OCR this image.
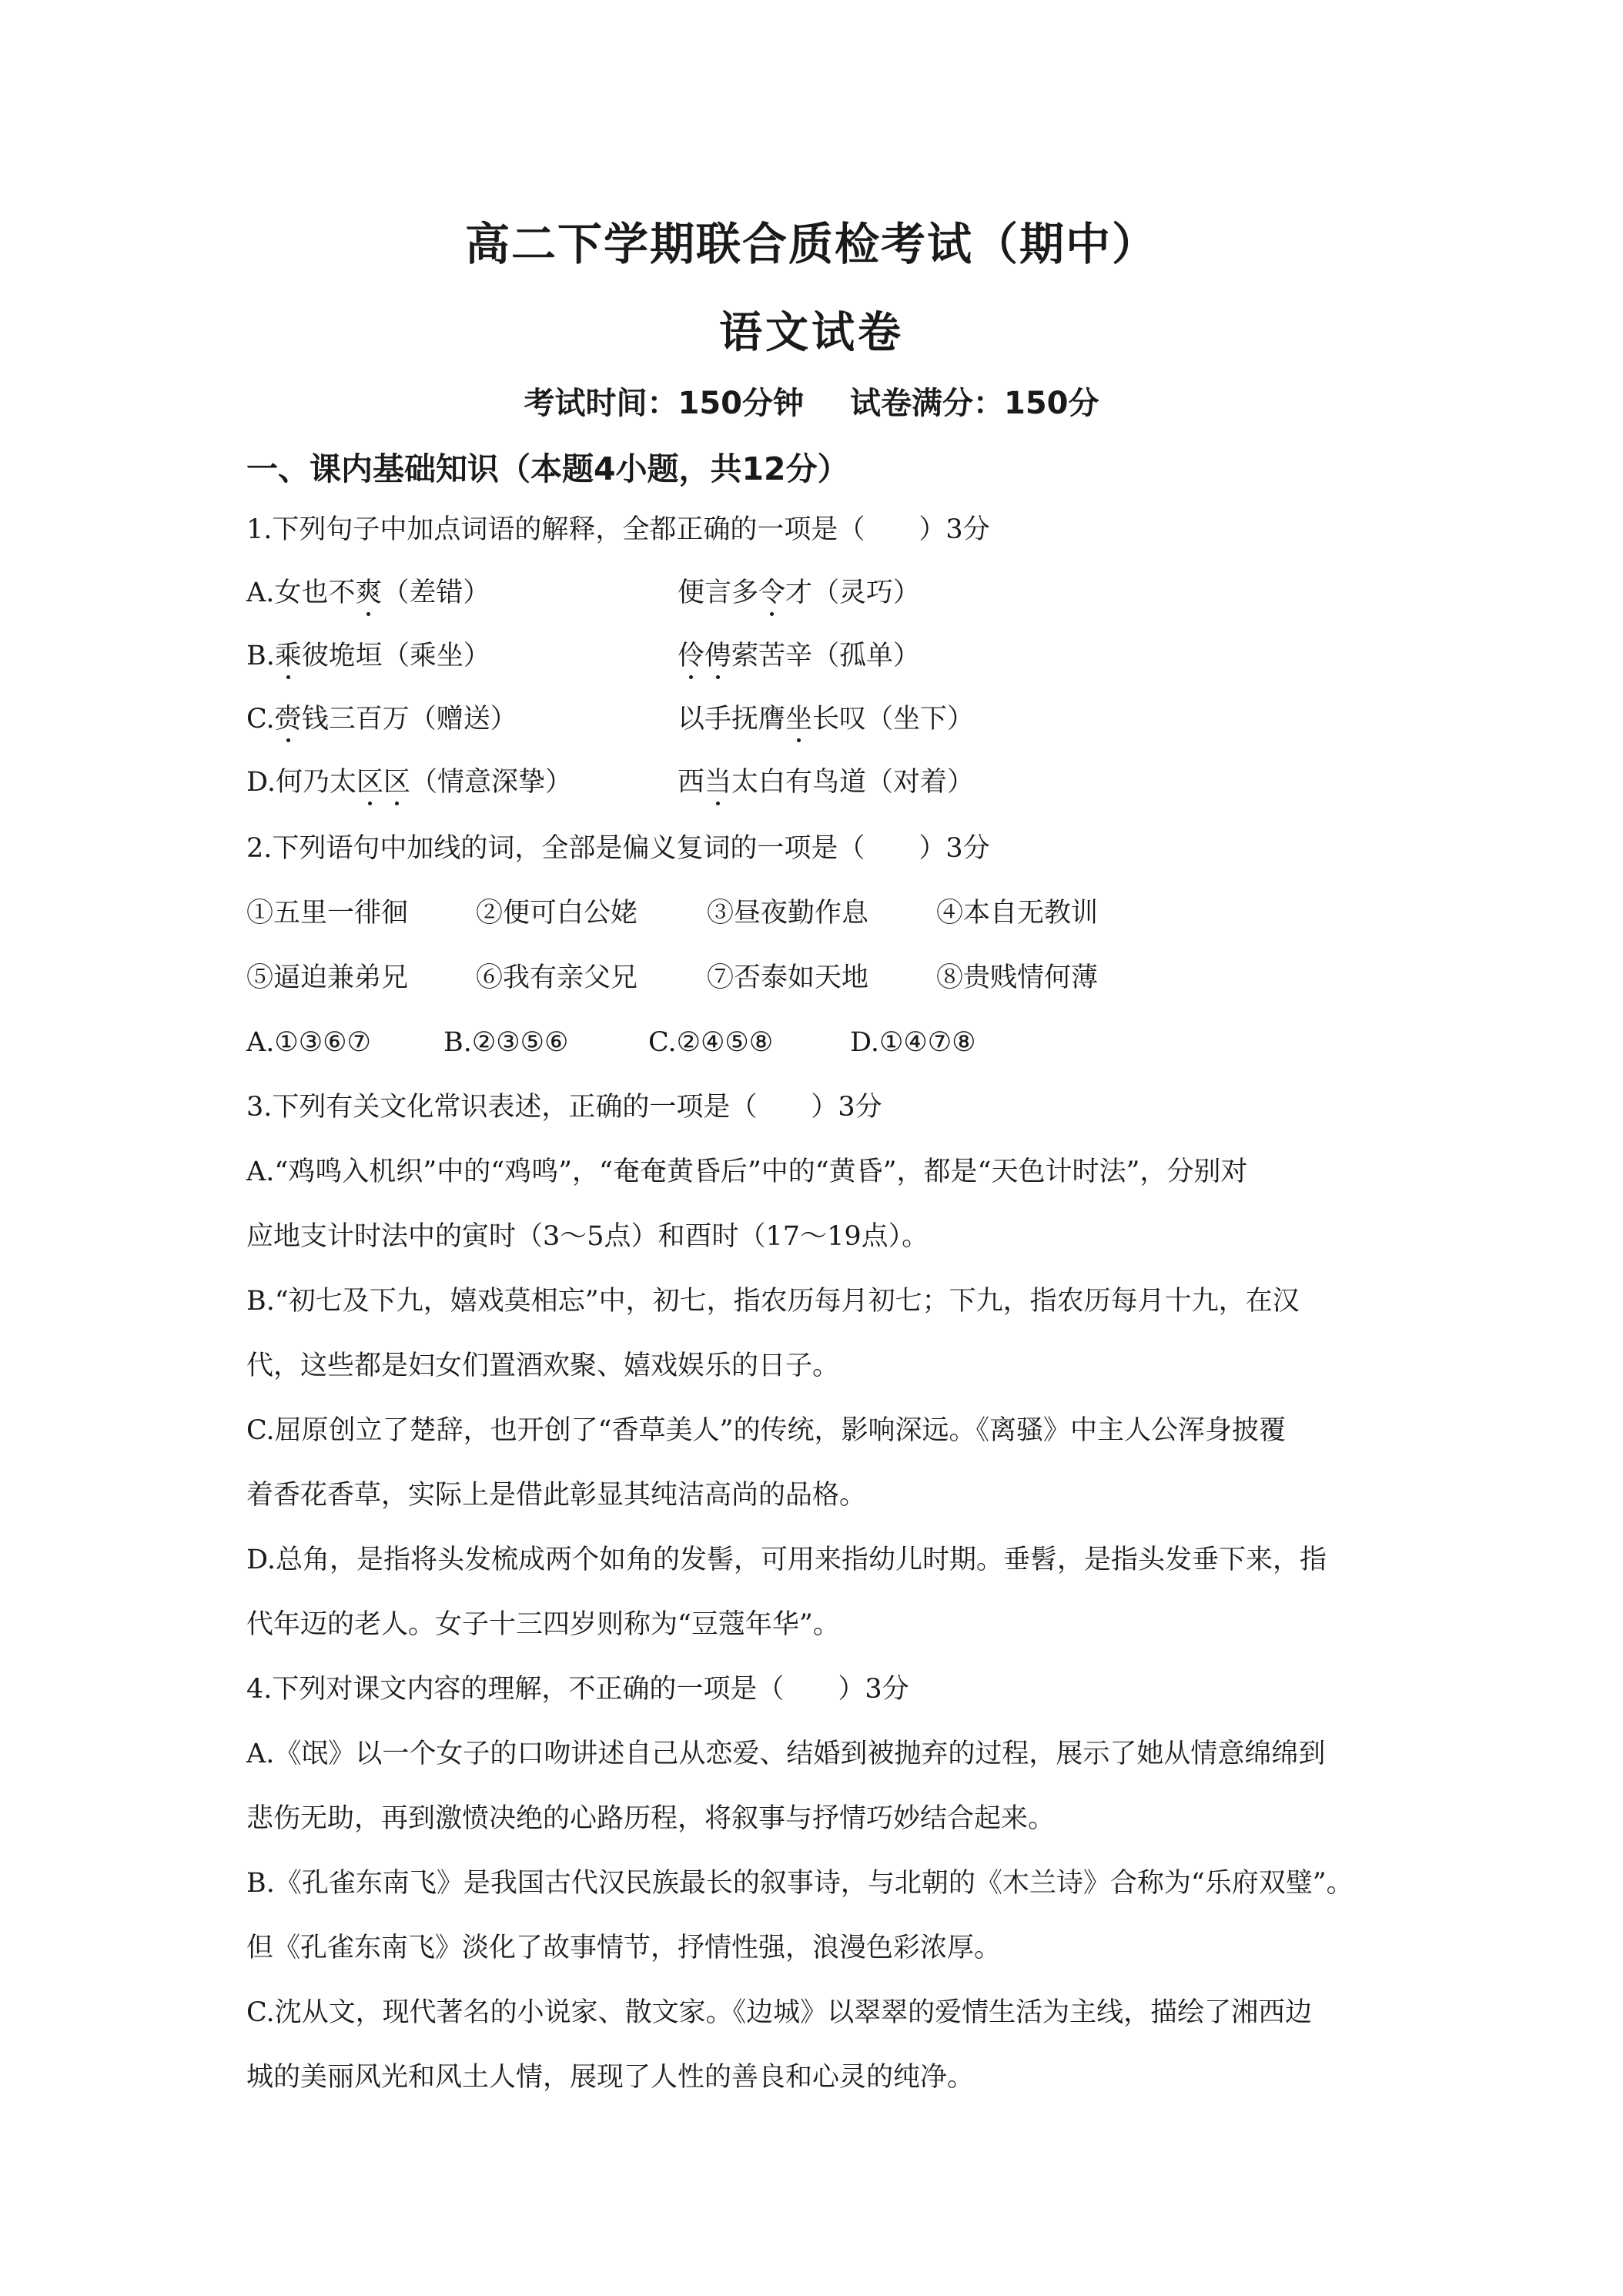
高二下学期联合质检考试（期中）
语文试卷
考试时间：150分钟 试卷满分：150分
一、课内基础知识（本题4小题，共12分）
1.下列句子中加点词语的解释，全都正确的一项是（　　）3分
A.女也不爽（差错）	便言多令才（灵巧）
B.乘彼垝垣（乘坐）	伶俜萦苦辛（孤单）
C.赍钱三百万（赠送）	以手抚膺坐长叹（坐下）
D.何乃太区区（情意深挚）	西当太白有鸟道（对着）
2.下列语句中加线的词，全部是偏义复词的一项是（　　）3分
①五里一徘徊	②便可白公姥	③昼夜勤作息	④本自无教训
⑤逼迫兼弟兄	⑥我有亲父兄	⑦否泰如天地	⑧贵贱情何薄
A.①③⑥⑦	B.②③⑤⑥	C.②④⑤⑧	D.①④⑦⑧
3.下列有关文化常识表述，正确的一项是（　　）3分
A.“鸡鸣入机织”中的“鸡鸣”，“奄奄黄昏后”中的“黄昏”，都是“天色计时法”，分别对
应地支计时法中的寅时（3～5点）和酉时（17～19点）。
B.“初七及下九，嬉戏莫相忘”中，初七，指农历每月初七；下九，指农历每月十九，在汉
代，这些都是妇女们置酒欢聚、嬉戏娱乐的日子。
C.屈原创立了楚辞，也开创了“香草美人”的传统，影响深远。《离骚》中主人公浑身披覆
着香花香草，实际上是借此彰显其纯洁高尚的品格。
D.总角，是指将头发梳成两个如角的发髻，可用来指幼儿时期。垂髫，是指头发垂下来，指
代年迈的老人。女子十三四岁则称为“豆蔻年华”。
4.下列对课文内容的理解，不正确的一项是（　　）3分
A.《氓》以一个女子的口吻讲述自己从恋爱、结婚到被抛弃的过程，展示了她从情意绵绵到
悲伤无助，再到激愤决绝的心路历程，将叙事与抒情巧妙结合起来。
B.《孔雀东南飞》是我国古代汉民族最长的叙事诗，与北朝的《木兰诗》合称为“乐府双璧”。
但《孔雀东南飞》淡化了故事情节，抒情性强，浪漫色彩浓厚。
C.沈从文，现代著名的小说家、散文家。《边城》以翠翠的爱情生活为主线，描绘了湘西边
城的美丽风光和风土人情，展现了人性的善良和心灵的纯净。
